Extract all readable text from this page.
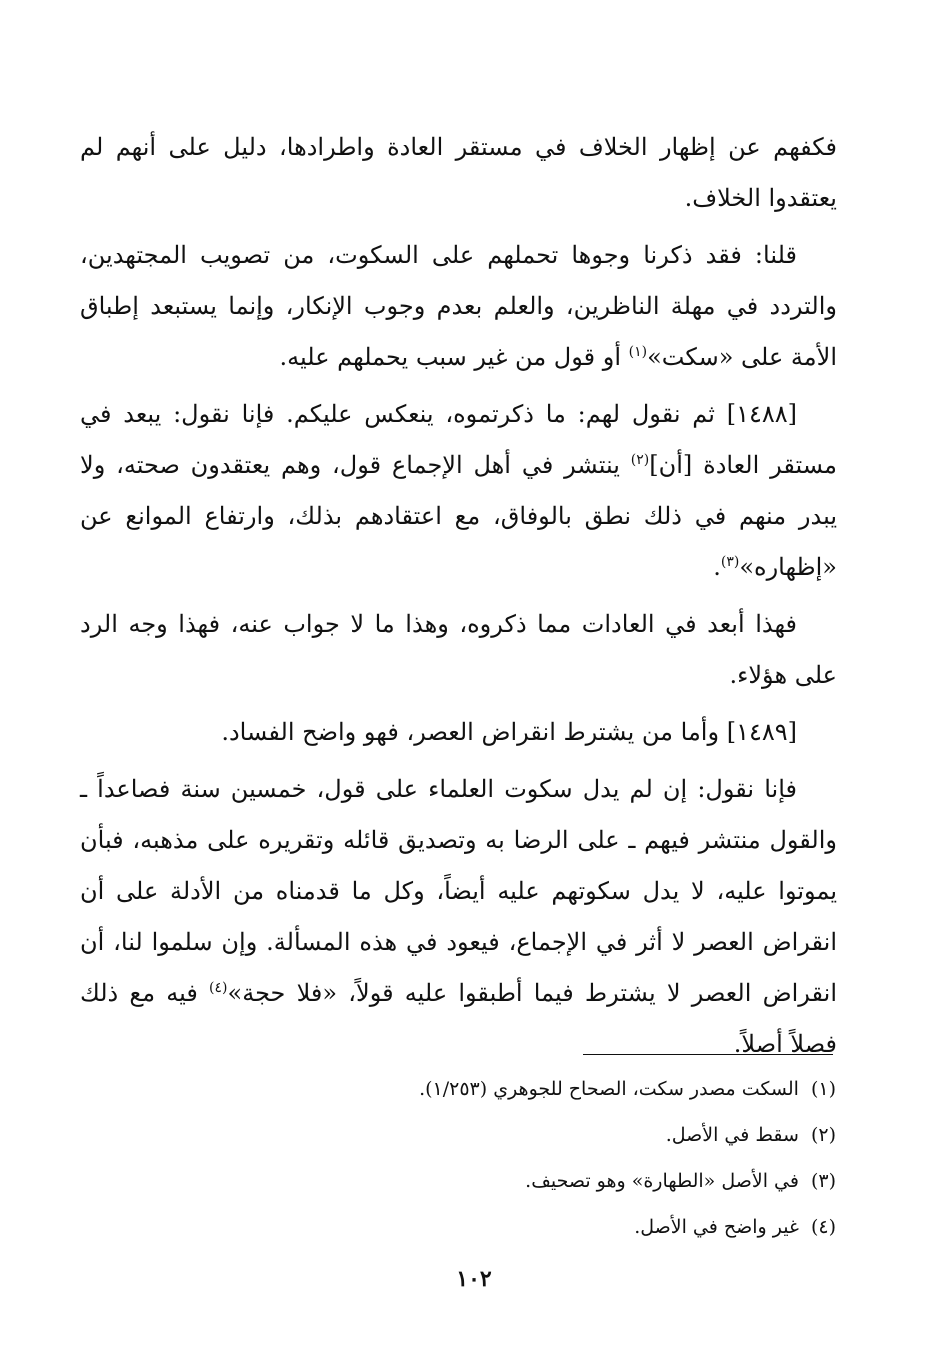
فكفهم عن إظهار الخلاف في مستقر العادة واطرادها، دليل على أنهم لم يعتقدوا الخلاف.

قلنا: فقد ذكرنا وجوها تحملهم على السكوت، من تصويب المجتهدين، والتردد في مهلة الناظرين، والعلم بعدم وجوب الإنكار، وإنما يستبعد إطباق الأمة على «سكت»$^{(١)}$ أو قول من غير سبب يحملهم عليه.

[١٤٨٨] ثم نقول لهم: ما ذكرتموه، ينعكس عليكم. فإنا نقول: يبعد في مستقر العادة [أن]$^{(٢)}$ ينتشر في أهل الإجماع قول، وهم يعتقدون صحته، ولا يبدر منهم في ذلك نطق بالوفاق، مع اعتقادهم بذلك، وارتفاع الموانع عن «إظهاره»$^{(٣)}$.

فهذا أبعد في العادات مما ذكروه، وهذا ما لا جواب عنه، فهذا وجه الرد على هؤلاء.

[١٤٨٩] وأما من يشترط انقراض العصر، فهو واضح الفساد.

فإنا نقول: إن لم يدل سكوت العلماء على قول، خمسين سنة فصاعداً ـ والقول منتشر فيهم ـ على الرضا به وتصديق قائله وتقريره على مذهبه، فبأن يموتوا عليه، لا يدل سكوتهم عليه أيضاً، وكل ما قدمناه من الأدلة على أن انقراض العصر لا أثر في الإجماع، فيعود في هذه المسألة. وإن سلموا لنا، أن انقراض العصر لا يشترط فيما أطبقوا عليه قولاً، «فلا حجة»$^{(٤)}$ فيه مع ذلك فصلاً أصلاً.

(١)السكت مصدر سكت، الصحاح للجوهري (١/٢٥٣).
(٢)سقط في الأصل.
(٣)في الأصل «الطهارة» وهو تصحيف.
(٤)غير واضح في الأصل.
١٠٢
